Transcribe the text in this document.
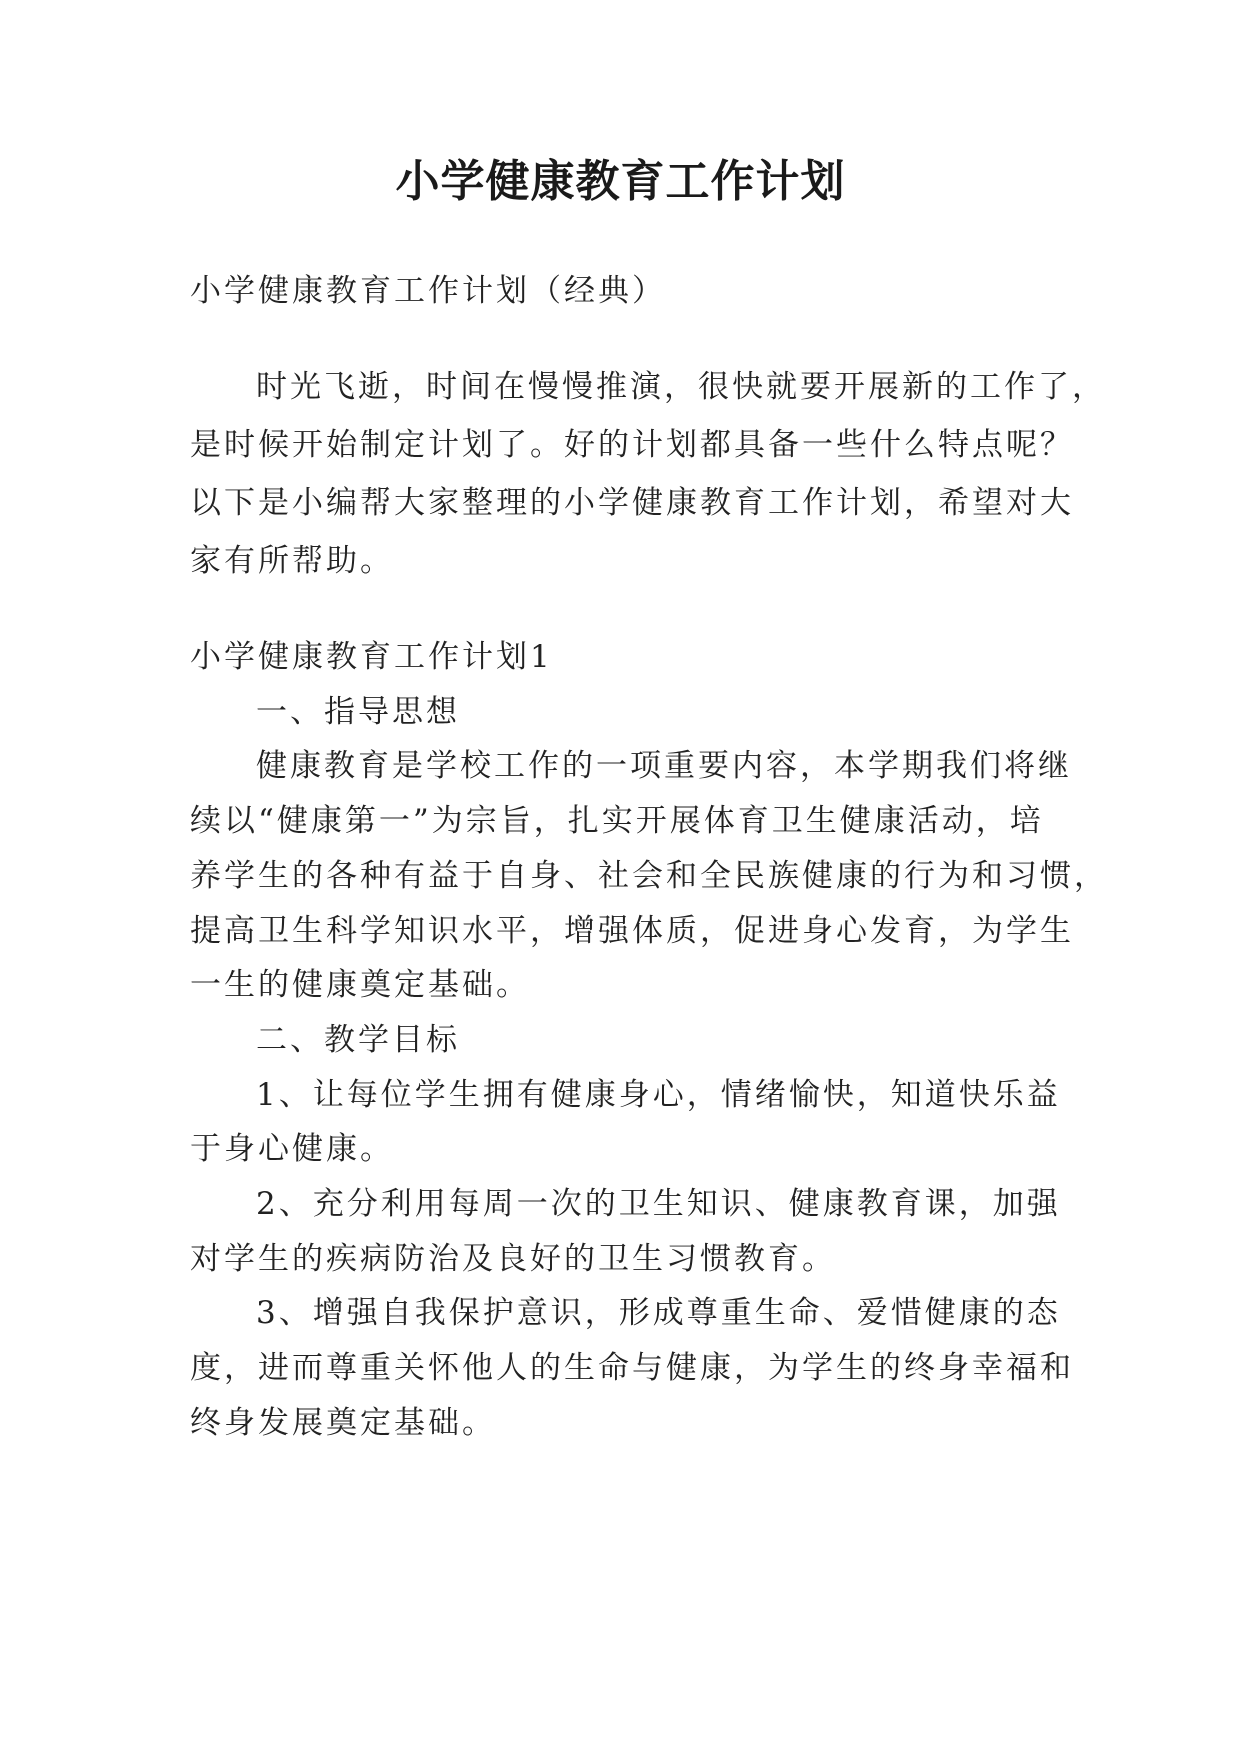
小学健康教育工作计划

小学健康教育工作计划（经典）

时光飞逝，时间在慢慢推演，很快就要开展新的工作了，

是时候开始制定计划了。好的计划都具备一些什么特点呢？

以下是小编帮大家整理的小学健康教育工作计划，希望对大

家有所帮助。

小学健康教育工作计划1

一、指导思想

健康教育是学校工作的一项重要内容，本学期我们将继

续以“健康第一”为宗旨，扎实开展体育卫生健康活动，培

养学生的各种有益于自身、社会和全民族健康的行为和习惯，

提高卫生科学知识水平，增强体质，促进身心发育，为学生

一生的健康奠定基础。

二、教学目标

1、让每位学生拥有健康身心，情绪愉快，知道快乐益

于身心健康。

2、充分利用每周一次的卫生知识、健康教育课，加强

对学生的疾病防治及良好的卫生习惯教育。

3、增强自我保护意识，形成尊重生命、爱惜健康的态

度，进而尊重关怀他人的生命与健康，为学生的终身幸福和

终身发展奠定基础。
